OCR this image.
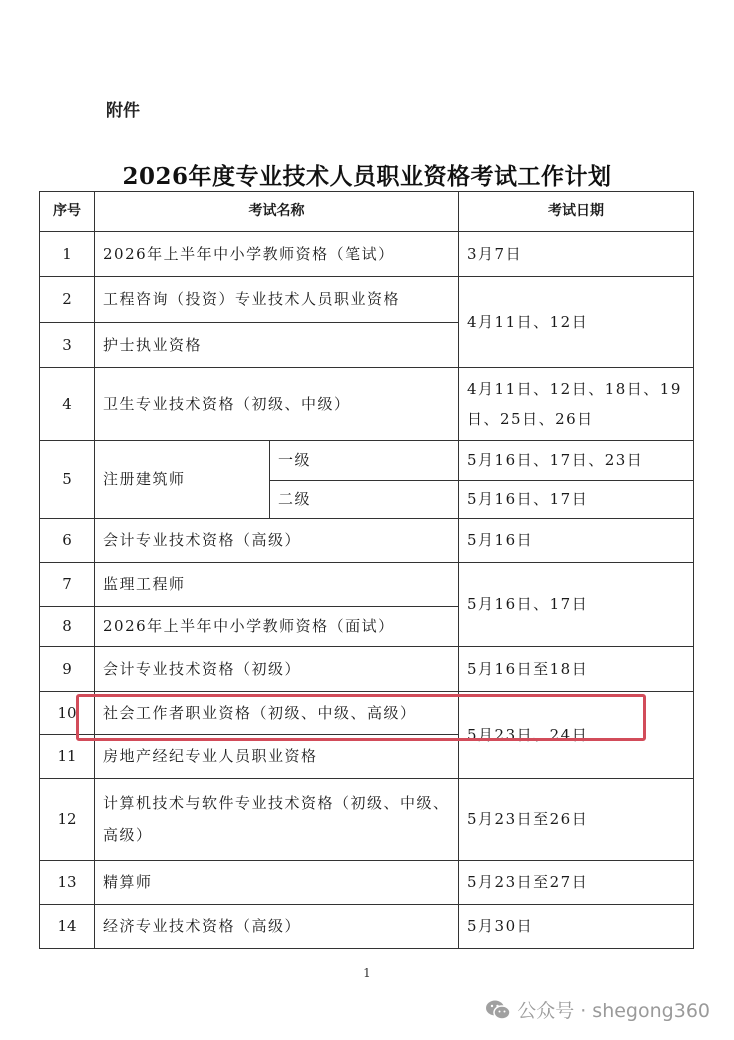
附件
2026年度专业技术人员职业资格考试工作计划
序号	考试名称		考试日期
1	2026年上半年中小学教师资格（笔试）		3月7日
2	工程咨询（投资）专业技术人员职业资格		4月11日、12日
3	护士执业资格		
4	卫生专业技术资格（初级、中级）		4月11日、12日、18日、19日、25日、26日
5	注册建筑师	一级	5月16日、17日、23日
		二级	5月16日、17日
6	会计专业技术资格（高级）		5月16日
7	监理工程师		5月16日、17日
8	2026年上半年中小学教师资格（面试）		
9	会计专业技术资格（初级）		5月16日至18日
10	社会工作者职业资格（初级、中级、高级）		5月23日、24日
11	房地产经纪专业人员职业资格		
12	计算机技术与软件专业技术资格（初级、中级、高级）		5月23日至26日
13	精算师		5月23日至27日
14	经济专业技术资格（高级）		5月30日
1
公众号 · shegong360
